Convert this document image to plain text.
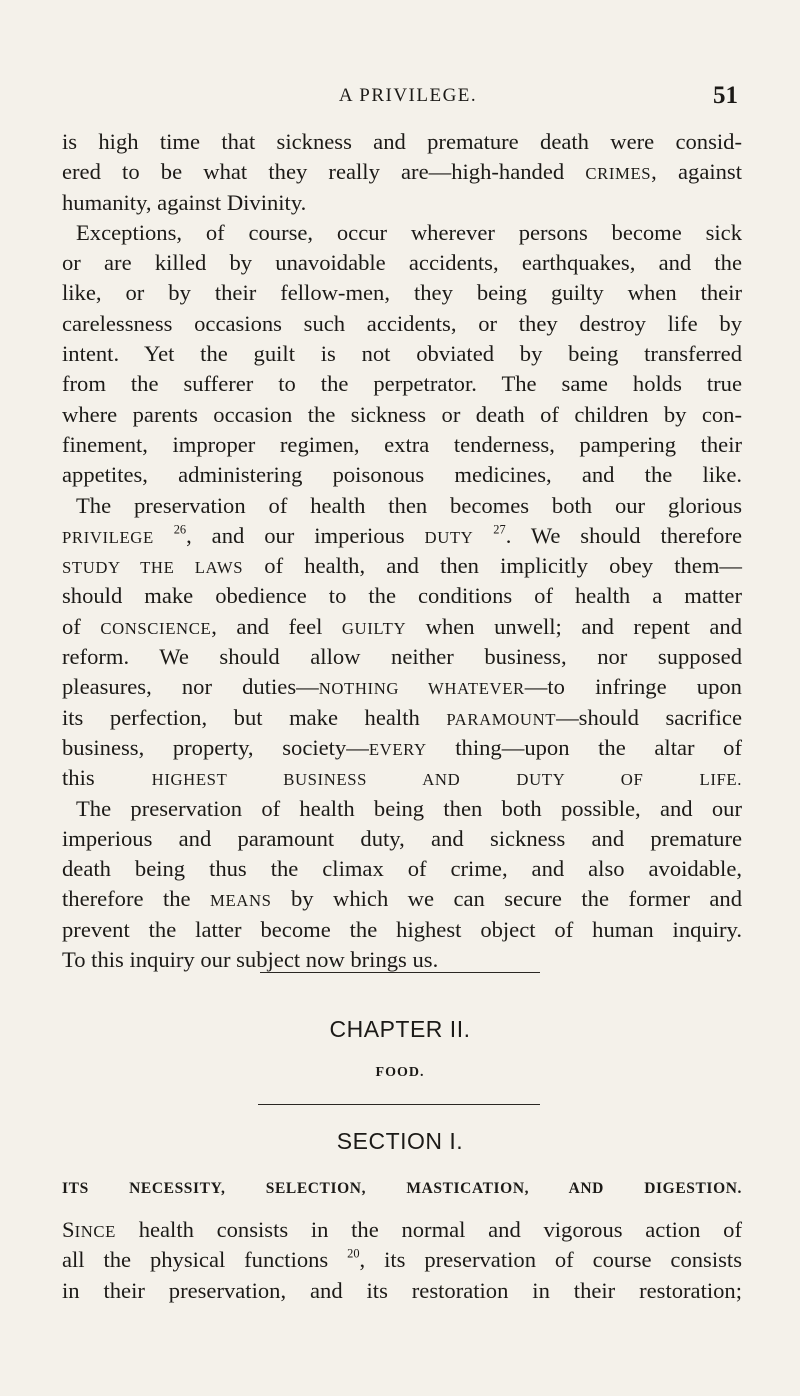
A PRIVILEGE.	51
is high time that sickness and premature death were consid-
ered to be what they really are—high-handed CRIMES, against
humanity, against Divinity.
Exceptions, of course, occur wherever persons become sick
or are killed by unavoidable accidents, earthquakes, and the
like, or by their fellow-men, they being guilty when their
carelessness occasions such accidents, or they destroy life by
intent. Yet the guilt is not obviated by being transferred
from the sufferer to the perpetrator. The same holds true
where parents occasion the sickness or death of children by con-
finement, improper regimen, extra tenderness, pampering their
appetites, administering poisonous medicines, and the like.
The preservation of health then becomes both our glorious
PRIVILEGE $^{26}$, and our imperious DUTY $^{27}$. We should therefore
STUDY THE LAWS of health, and then implicitly obey them—
should make obedience to the conditions of health a matter
of CONSCIENCE, and feel GUILTY when unwell; and repent and
reform. We should allow neither business, nor supposed
pleasures, nor duties—NOTHING WHATEVER—to infringe upon
its perfection, but make health PARAMOUNT—should sacrifice
business, property, society—EVERY thing—upon the altar of
this HIGHEST BUSINESS AND DUTY OF LIFE.
The preservation of health being then both possible, and our
imperious and paramount duty, and sickness and premature
death being thus the climax of crime, and also avoidable,
therefore the MEANS by which we can secure the former and
prevent the latter become the highest object of human inquiry.
To this inquiry our subject now brings us.
CHAPTER II.
FOOD.
SECTION I.
ITS NECESSITY, SELECTION, MASTICATION, AND DIGESTION.
SINCE health consists in the normal and vigorous action of
all the physical functions $^{20}$, its preservation of course consists
in their preservation, and its restoration in their restoration;
